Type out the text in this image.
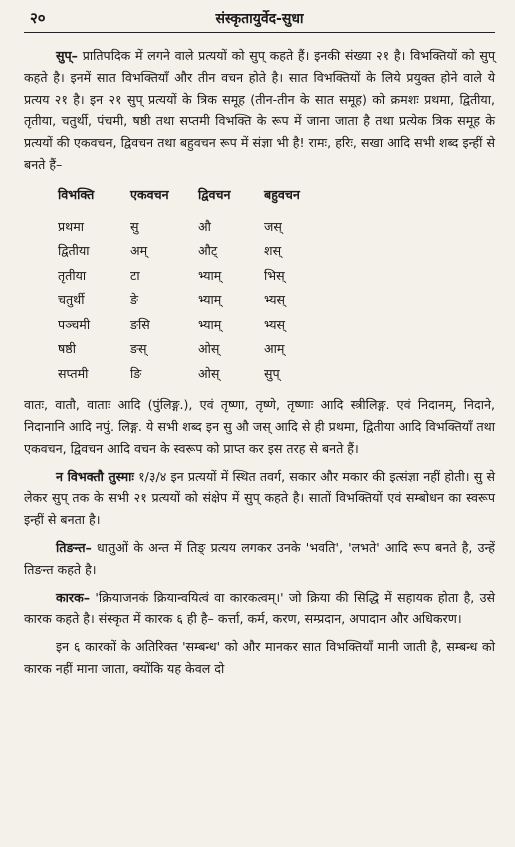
२०	संस्कृतायुर्वेद-सुधा

सुप्– प्रातिपदिक में लगने वाले प्रत्ययों को सुप् कहते हैं। इनकी संख्या २१ है। विभक्तियों को सुप् कहते है। इनमें सात विभक्तियाँ और तीन वचन होते है। सात विभक्तियों के लिये प्रयुक्त होने वाले ये प्रत्यय २१ है। इन २१ सुप् प्रत्ययों के त्रिक समूह (तीन-तीन के सात समूह) को क्रमशः प्रथमा, द्वितीया, तृतीया, चतुर्थी, पंचमी, षष्ठी तथा सप्तमी विभक्ति के रूप में जाना जाता है तथा प्रत्येक त्रिक समूह के प्रत्ययों की एकवचन, द्विवचन तथा बहुवचन रूप में संज्ञा भी है! रामः, हरिः, सखा आदि सभी शब्द इन्हीं से बनते हैं–

विभक्ति	एकवचन	द्विवचन	बहुवचन
प्रथमा	सु	औ	जस्
द्वितीया	अम्	औट्	शस्
तृतीया	टा	भ्याम्	भिस्
चतुर्थी	ङे	भ्याम्	भ्यस्
पञ्चमी	ङसि	भ्याम्	भ्यस्
षष्ठी	ङस्	ओस्	आम्
सप्तमी	ङि	ओस्	सुप्

वातः, वातौ, वाताः आदि (पुंलिङ्ग.), एवं तृष्णा, तृष्णे, तृष्णाः आदि स्त्रीलिङ्ग. एवं निदानम्, निदाने, निदानानि आदि नपुं. लिङ्ग. ये सभी शब्द इन सु औ जस् आदि से ही प्रथमा, द्वितीया आदि विभक्तियाँ तथा एकवचन, द्विवचन आदि वचन के स्वरूप को प्राप्त कर इस तरह से बनते हैं।

न विभक्तौ तुस्माः १/३/४ इन प्रत्ययों में स्थित तवर्ग, सकार और मकार की इत्संज्ञा नहीं होती। सु से लेकर सुप् तक के सभी २१ प्रत्ययों को संक्षेप में सुप् कहते है। सातों विभक्तियों एवं सम्बोधन का स्वरूप इन्हीं से बनता है।

तिङन्त– धातुओं के अन्त में तिङ् प्रत्यय लगकर उनके 'भवति', 'लभते' आदि रूप बनते है, उन्हें तिङन्त कहते है।

कारक– 'क्रियाजनकं क्रियान्वयित्वं वा कारकत्वम्।' जो क्रिया की सिद्धि में सहायक होता है, उसे कारक कहते है। संस्कृत में कारक ६ ही है– कर्त्ता, कर्म, करण, सम्प्रदान, अपादान और अधिकरण।

इन ६ कारकों के अतिरिक्त 'सम्बन्ध' को और मानकर सात विभक्तियाँ मानी जाती है, सम्बन्ध को कारक नहीं माना जाता, क्योंकि यह केवल दो
